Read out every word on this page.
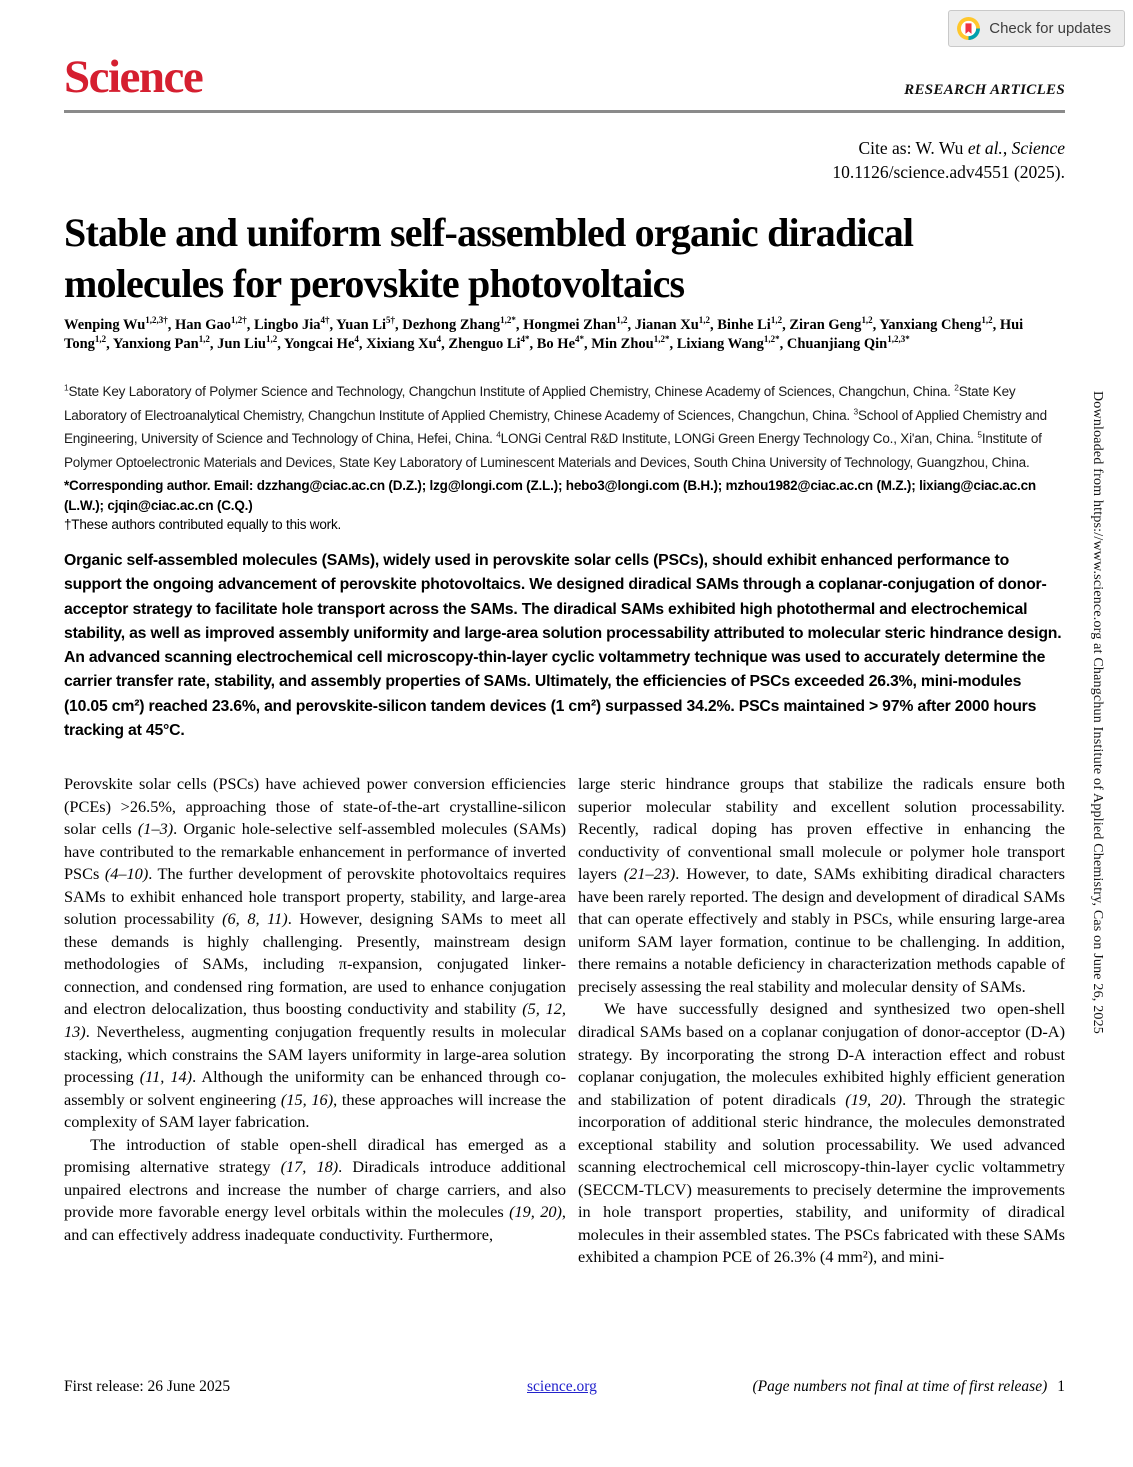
Check for updates
Science	RESEARCH ARTICLES
Cite as: W. Wu et al., Science
10.1126/science.adv4551 (2025).
Stable and uniform self-assembled organic diradical
molecules for perovskite photovoltaics
Wenping $Wu^{1,2,3\dagger}$, Han Gao$^{1,2\dagger}$, Lingbo Jia$^{4\dagger}$, Yuan $Li^{5\dagger}$, Dezhong Zhang$^{1,2*}$, Hongmei Zhan$^{1,2}$, Jianan Xu$^{1,2}$, Binhe Li$^{1,2}$, Ziran Geng$^{1,2}$, Yanxiang Cheng$^{1,2}$, Hui Tong$^{1,2}$, Yanxiong Pan$^{1,2}$, Jun Liu$^{1,2}$, Yongcai He$^4$, Xixiang Xu$^4$, Zhenguo $Li^{4*}$, Bo $He^{4*}$, Min Zhou$^{1,2*}$, Lixiang Wang$^{1,2*}$, Chuanjiang Qin$^{1,2,3*}$
$^1$State Key Laboratory of Polymer Science and Technology, Changchun Institute of Applied Chemistry, Chinese Academy of Sciences, Changchun, China. $^2$State Key Laboratory of Electroanalytical Chemistry, Changchun Institute of Applied Chemistry, Chinese Academy of Sciences, Changchun, China. $^3$School of Applied Chemistry and Engineering, University of Science and Technology of China, Hefei, China. $^4$LONGi Central R&D Institute, LONGi Green Energy Technology Co., Xi'an, China. $^5$Institute of Polymer Optoelectronic Materials and Devices, State Key Laboratory of Luminescent Materials and Devices, South China University of Technology, Guangzhou, China.
*Corresponding author. Email: dzzhang@ciac.ac.cn (D.Z.); lzg@longi.com (Z.L.); hebo3@longi.com (B.H.); mzhou1982@ciac.ac.cn (M.Z.); lixiang@ciac.ac.cn (L.W.); cjqin@ciac.ac.cn (C.Q.)
†These authors contributed equally to this work.
Organic self-assembled molecules (SAMs), widely used in perovskite solar cells (PSCs), should exhibit enhanced performance to support the ongoing advancement of perovskite photovoltaics. We designed diradical SAMs through a coplanar-conjugation of donor-acceptor strategy to facilitate hole transport across the SAMs. The diradical SAMs exhibited high photothermal and electrochemical stability, as well as improved assembly uniformity and large-area solution processability attributed to molecular steric hindrance design. An advanced scanning electrochemical cell microscopy-thin-layer cyclic voltammetry technique was used to accurately determine the carrier transfer rate, stability, and assembly properties of SAMs. Ultimately, the efficiencies of PSCs exceeded 26.3%, mini-modules (10.05 cm²) reached 23.6%, and perovskite-silicon tandem devices (1 cm²) surpassed 34.2%. PSCs maintained > 97% after 2000 hours tracking at 45°C.

Perovskite solar cells (PSCs) have achieved power conversion efficiencies (PCEs) >26.5%, approaching those of state-of-the-art crystalline-silicon solar cells (1–3). Organic hole-selective self-assembled molecules (SAMs) have contributed to the remarkable enhancement in performance of inverted PSCs (4–10). The further development of perovskite photovoltaics requires SAMs to exhibit enhanced hole transport property, stability, and large-area solution processability (6, 8, 11). However, designing SAMs to meet all these demands is highly challenging. Presently, mainstream design methodologies of SAMs, including π-expansion, conjugated linker-connection, and condensed ring formation, are used to enhance conjugation and electron delocalization, thus boosting conductivity and stability (5, 12, 13). Nevertheless, augmenting conjugation frequently results in molecular stacking, which constrains the SAM layers uniformity in large-area solution processing (11, 14). Although the uniformity can be enhanced through co-assembly or solvent engineering (15, 16), these approaches will increase the complexity of SAM layer fabrication.

The introduction of stable open-shell diradical has emerged as a promising alternative strategy (17, 18). Diradicals introduce additional unpaired electrons and increase the number of charge carriers, and also provide more favorable energy level orbitals within the molecules (19, 20), and can effectively address inadequate conductivity. Furthermore,

large steric hindrance groups that stabilize the radicals ensure both superior molecular stability and excellent solution processability. Recently, radical doping has proven effective in enhancing the conductivity of conventional small molecule or polymer hole transport layers (21–23). However, to date, SAMs exhibiting diradical characters have been rarely reported. The design and development of diradical SAMs that can operate effectively and stably in PSCs, while ensuring large-area uniform SAM layer formation, continue to be challenging. In addition, there remains a notable deficiency in characterization methods capable of precisely assessing the real stability and molecular density of SAMs.

We have successfully designed and synthesized two open-shell diradical SAMs based on a coplanar conjugation of donor-acceptor (D-A) strategy. By incorporating the strong D-A interaction effect and robust coplanar conjugation, the molecules exhibited highly efficient generation and stabilization of potent diradicals (19, 20). Through the strategic incorporation of additional steric hindrance, the molecules demonstrated exceptional stability and solution processability. We used advanced scanning electrochemical cell microscopy-thin-layer cyclic voltammetry (SECCM-TLCV) measurements to precisely determine the improvements in hole transport properties, stability, and uniformity of diradical molecules in their assembled states. The PSCs fabricated with these SAMs exhibited a champion PCE of 26.3% (4 mm²), and mini-

First release: 26 June 2025	science.org	(Page numbers not final at time of first release) 1
Downloaded from https://www.science.org at Changchun Institute of Applied Chemistry, Cas on June 26, 2025
